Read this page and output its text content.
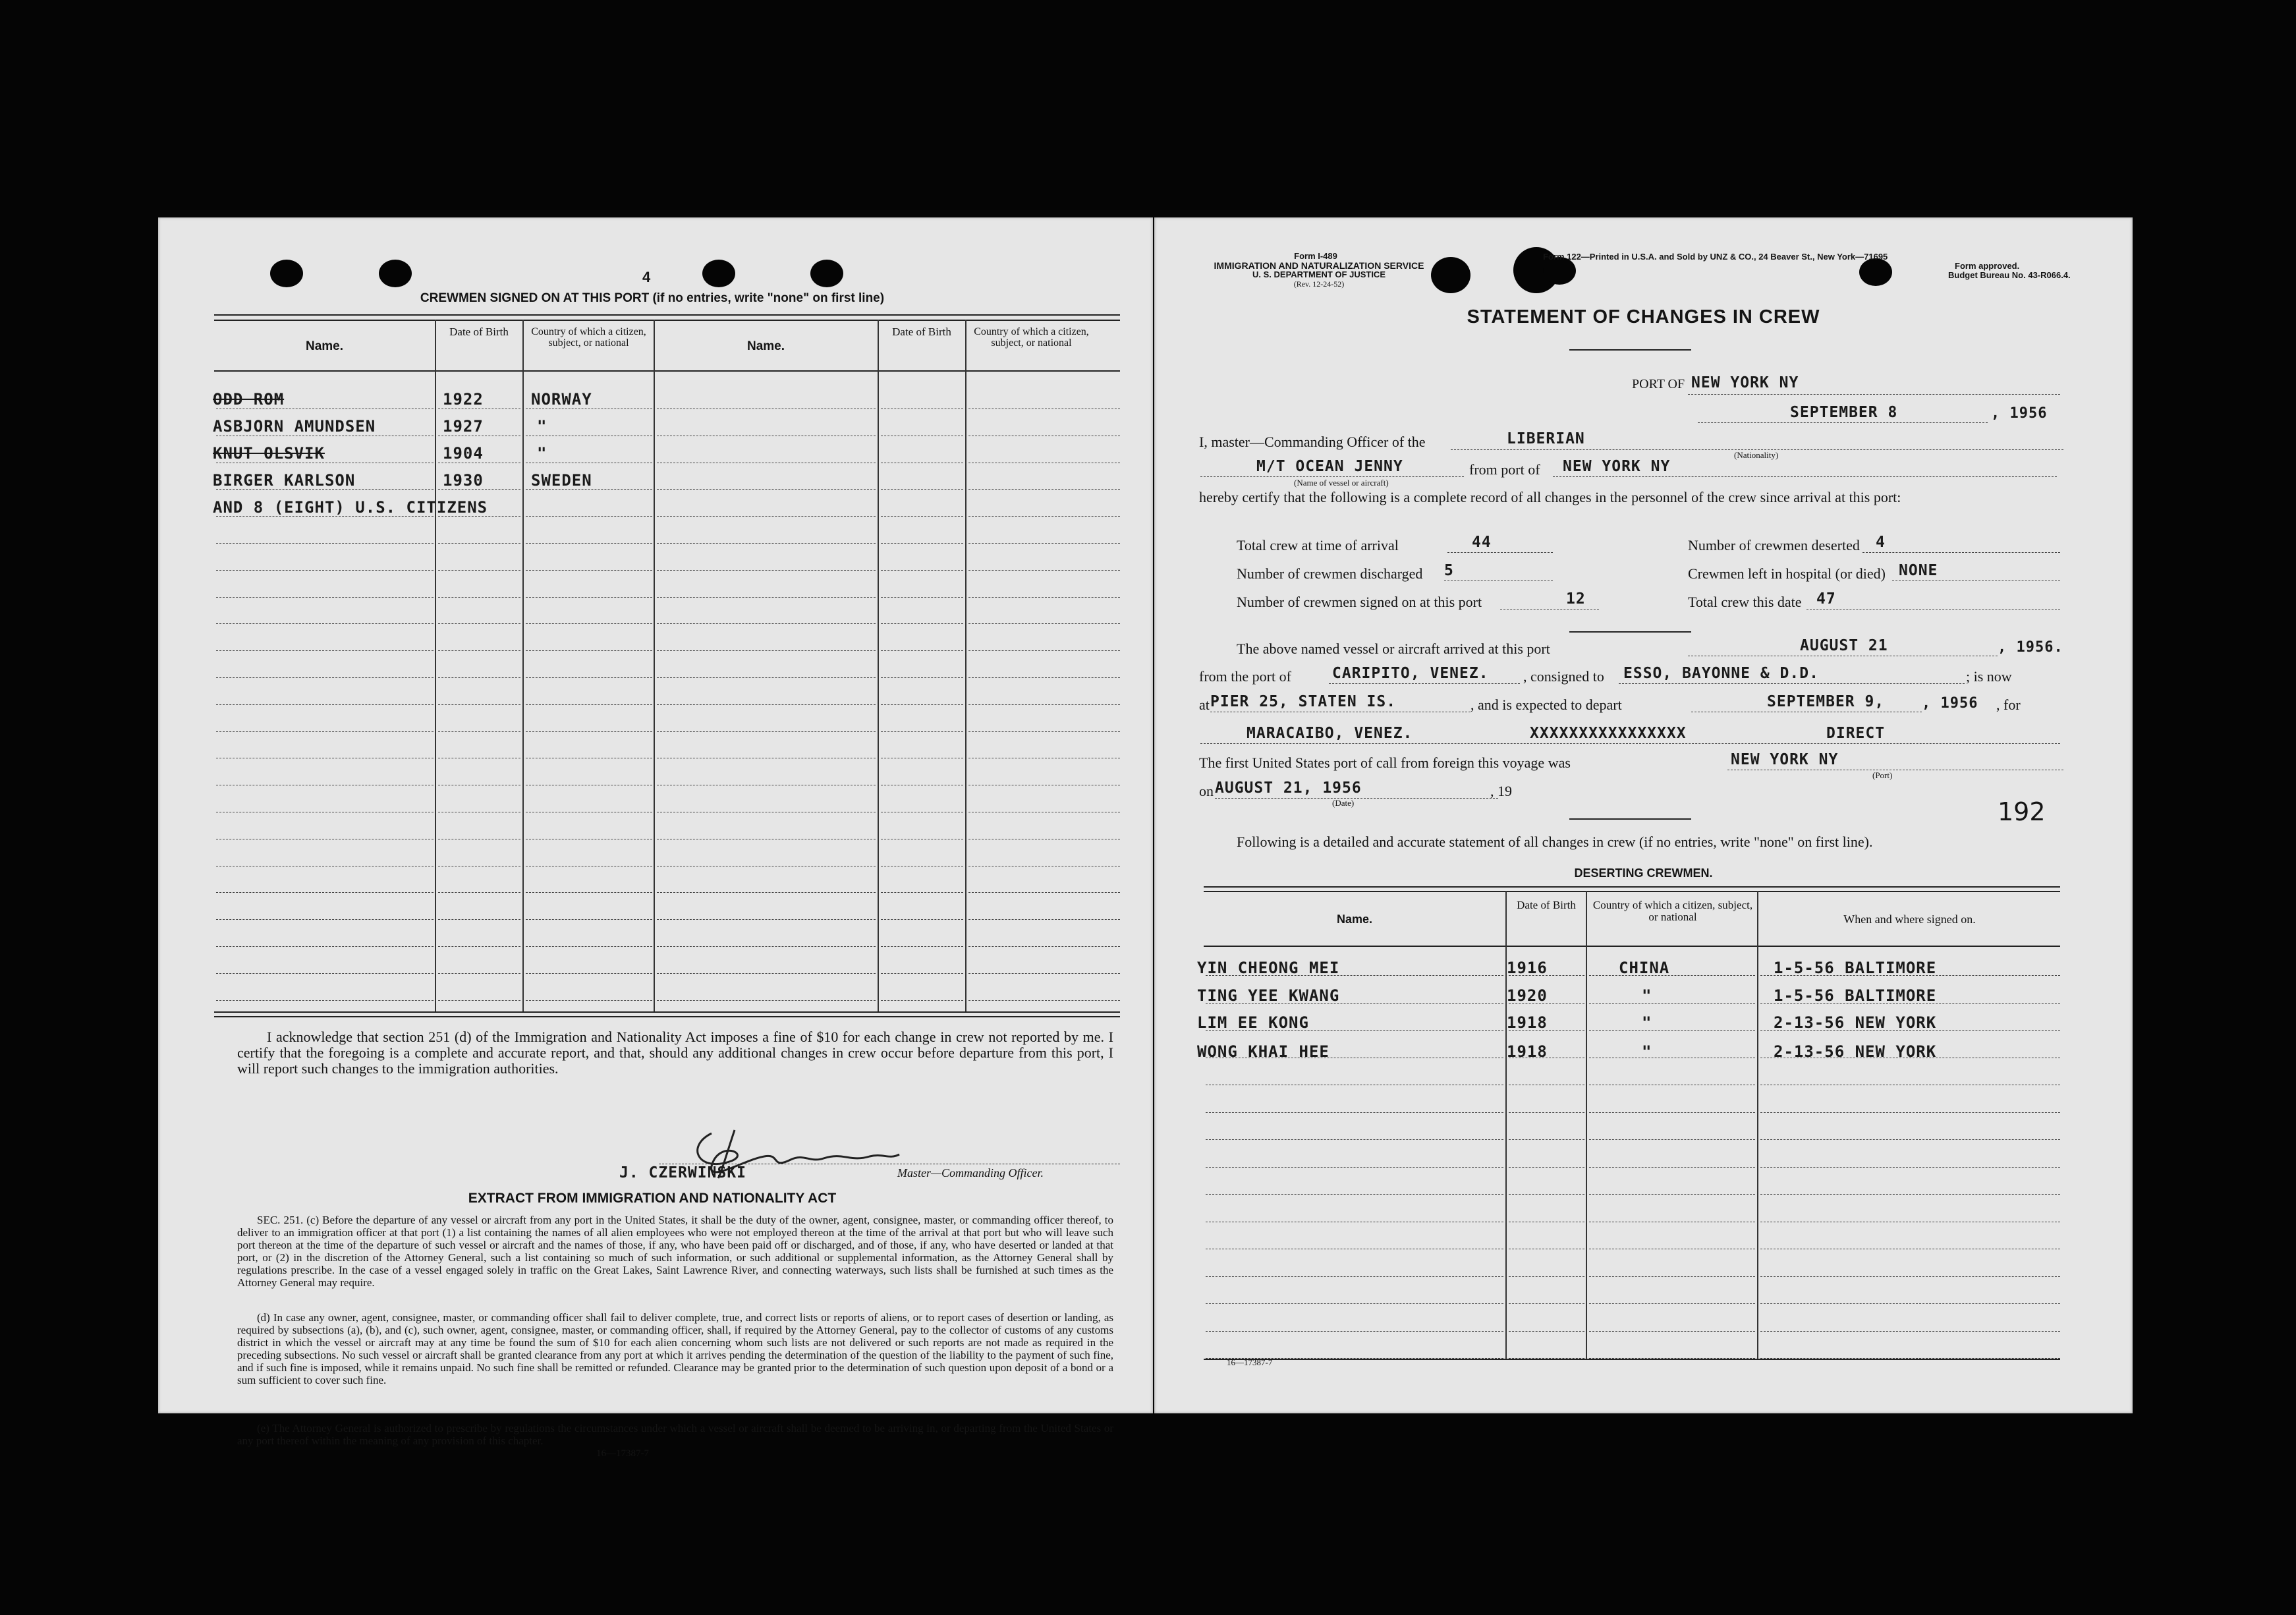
4
CREWMEN SIGNED ON AT THIS PORT (if no entries, write "none" on first line)
Name.
Date of Birth	Country of which a citizen, subject, or national	Name.
Date of Birth	Country of which a citizen, subject, or national
ODD ROM	1922	NORWAY
ASBJORN AMUNDSEN	1927	"
KNUT OLSVIK	1904	"
BIRGER KARLSON	1930	SWEDEN
AND 8 (EIGHT) U.S. CITIZENS
I acknowledge that section 251 (d) of the Immigration and Nationality Act imposes a fine of $10 for each change in crew not reported by me. I certify that the foregoing is a complete and accurate report, and that, should any additional changes in crew occur before departure from this port, I will report such changes to the immigration authorities.
J. CZERWINSKI	Master—Commanding Officer.
EXTRACT FROM IMMIGRATION AND NATIONALITY ACT
SEC. 251. (c) Before the departure of any vessel or aircraft from any port in the United States, it shall be the duty of the owner, agent, consignee, master, or commanding officer thereof, to deliver to an immigration officer at that port (1) a list containing the names of all alien employees who were not employed thereon at the time of the arrival at that port but who will leave such port thereon at the time of the departure of such vessel or aircraft and the names of those, if any, who have been paid off or discharged, and of those, if any, who have deserted or landed at that port, or (2) in the discretion of the Attorney General, such a list containing so much of such information, or such additional or supplemental information, as the Attorney General shall by regulations prescribe. In the case of a vessel engaged solely in traffic on the Great Lakes, Saint Lawrence River, and connecting waterways, such lists shall be furnished at such times as the Attorney General may require.
(d) In case any owner, agent, consignee, master, or commanding officer shall fail to deliver complete, true, and correct lists or reports of aliens, or to report cases of desertion or landing, as required by subsections (a), (b), and (c), such owner, agent, consignee, master, or commanding officer, shall, if required by the Attorney General, pay to the collector of customs of any customs district in which the vessel or aircraft may at any time be found the sum of $10 for each alien concerning whom such lists are not delivered or such reports are not made as required in the preceding subsections. No such vessel or aircraft shall be granted clearance from any port at which it arrives pending the determination of the question of the liability to the payment of such fine, and if such fine is imposed, while it remains unpaid. No such fine shall be remitted or refunded. Clearance may be granted prior to the determination of such question upon deposit of a bond or a sum sufficient to cover such fine.
(e) The Attorney General is authorized to prescribe by regulations the circumstances under which a vessel or aircraft shall be deemed to be arriving in, or departing from the United States or any port thereof within the meaning of any provision of this chapter.
16—17387-7
Form I-489
IMMIGRATION AND NATURALIZATION SERVICE
U. S. DEPARTMENT OF JUSTICE
(Rev. 12-24-52)
Form 122—Printed in U.S.A. and Sold by UNZ & CO., 24 Beaver St., New York—71695
Form approved.
Budget Bureau No. 43-R066.4.
STATEMENT OF CHANGES IN CREW
PORT OF NEW YORK NY
SEPTEMBER 8	, 1956
I, master—Commanding Officer of the	LIBERIAN
(Nationality)
M/T OCEAN JENNY
(Name of vessel or aircraft)
from port of NEW YORK NY
hereby certify that the following is a complete record of all changes in the personnel of the crew since arrival at this port:
Total crew at time of arrival	44	Number of crewmen deserted 4
Number of crewmen discharged 5	Crewmen left in hospital (or died) NONE
Number of crewmen signed on at this port	12	Total crew this date 47
The above named vessel or aircraft arrived at this port	AUGUST 21	, 1956.
from the port of	CARIPITO, VENEZ. , consigned to ESSO, BAYONNE & D.D.	; is now
at PIER 25, STATEN IS.	, and is expected to depart	SEPTEMBER 9,	, 1956 , for
MARACAIBO, VENEZ.	XXXXXXXXXXXXXXXX	DIRECT
The first United States port of call from foreign this voyage was	NEW YORK NY
(Port)
on AUGUST 21, 1956	, 19
(Date)	192
Following is a detailed and accurate statement of all changes in crew (if no entries, write "none" on first line).
DESERTING CREWMEN.
Name.
Date of Birth	Country of which a citizen, subject, or national	When and where signed on.
YIN CHEONG MEI	1916	CHINA	1-5-56 BALTIMORE
TING YEE KWANG	1920	"	1-5-56 BALTIMORE
LIM EE KONG	1918	"	2-13-56 NEW YORK
WONG KHAI HEE	1918	"	2-13-56 NEW YORK
16—17387-7
